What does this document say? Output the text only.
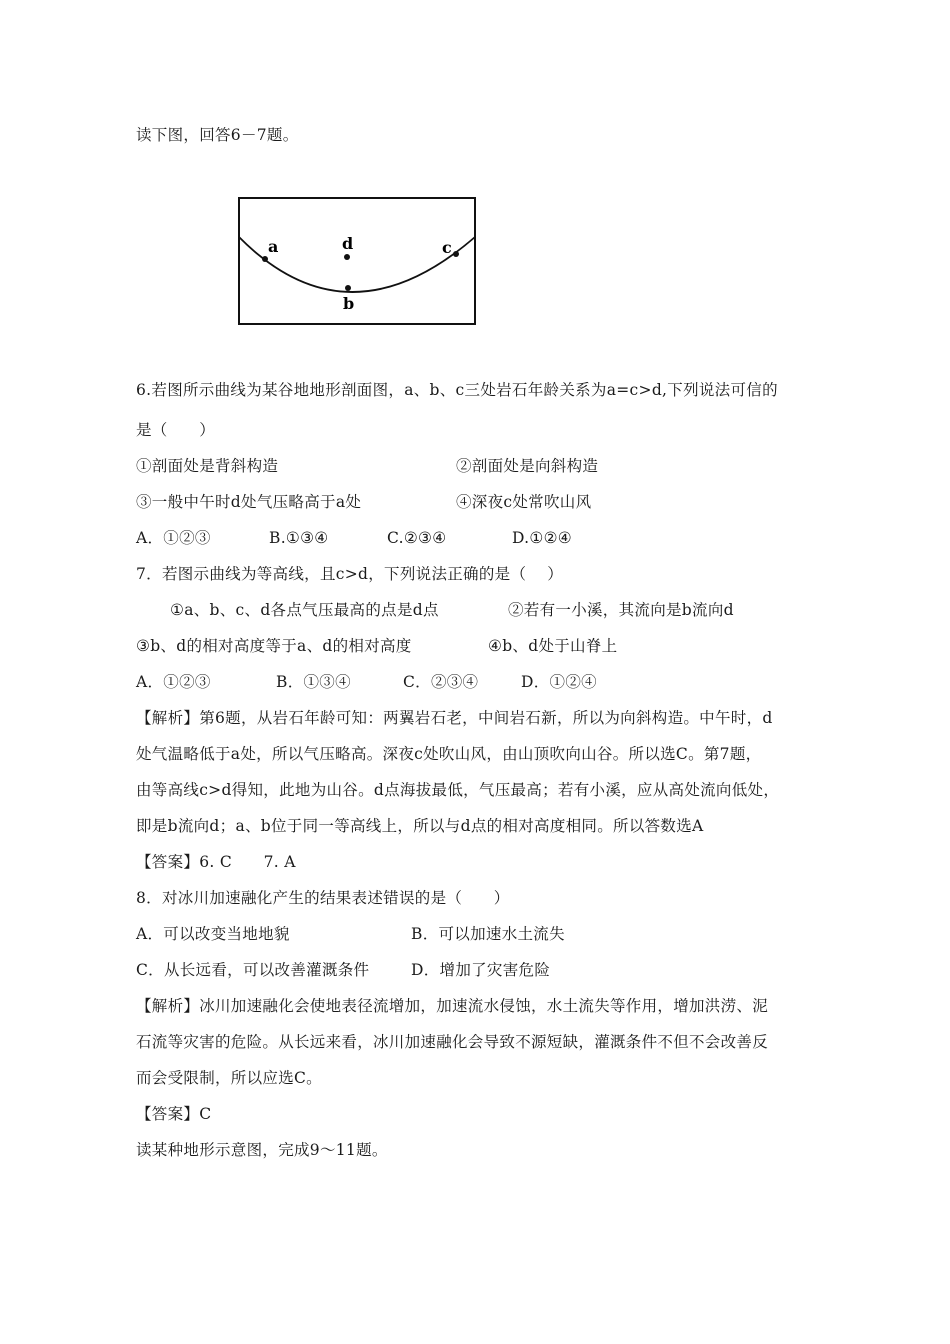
读下图，回答6－7题。
a
b
c
d
6.若图所示曲线为某谷地地形剖面图，a、b、c三处岩石年龄关系为a=c>d,下列说法可信的
是（　　）
①剖面处是背斜构造	②剖面处是向斜构造
③一般中午时d处气压略高于a处	④深夜c处常吹山风
A．①②③	B.①③④	C.②③④	D.①②④
7．若图示曲线为等高线，且c>d，下列说法正确的是（　 ）
①a、b、c、d各点气压最高的点是d点	②若有一小溪，其流向是b流向d
③b、d的相对高度等于a、d的相对高度	④b、d处于山脊上
A．①②③	B．①③④	C．②③④	D．①②④
【解析】第6题，从岩石年龄可知：两翼岩石老，中间岩石新，所以为向斜构造。中午时，d
处气温略低于a处，所以气压略高。深夜c处吹山风，由山顶吹向山谷。所以选C。第7题，
由等高线c>d得知，此地为山谷。d点海拔最低，气压最高；若有小溪，应从高处流向低处，
即是b流向d；a、b位于同一等高线上，所以与d点的相对高度相同。所以答数选A
【答案】6. C　　7. A
8．对冰川加速融化产生的结果表述错误的是（　　）
A．可以改变当地地貌	B．可以加速水土流失
C．从长远看，可以改善灌溉条件	D．增加了灾害危险
【解析】冰川加速融化会使地表径流增加，加速流水侵蚀，水土流失等作用，增加洪涝、泥
石流等灾害的危险。从长远来看，冰川加速融化会导致不源短缺，灌溉条件不但不会改善反
而会受限制，所以应选C。
【答案】C
读某种地形示意图，完成9～11题。
